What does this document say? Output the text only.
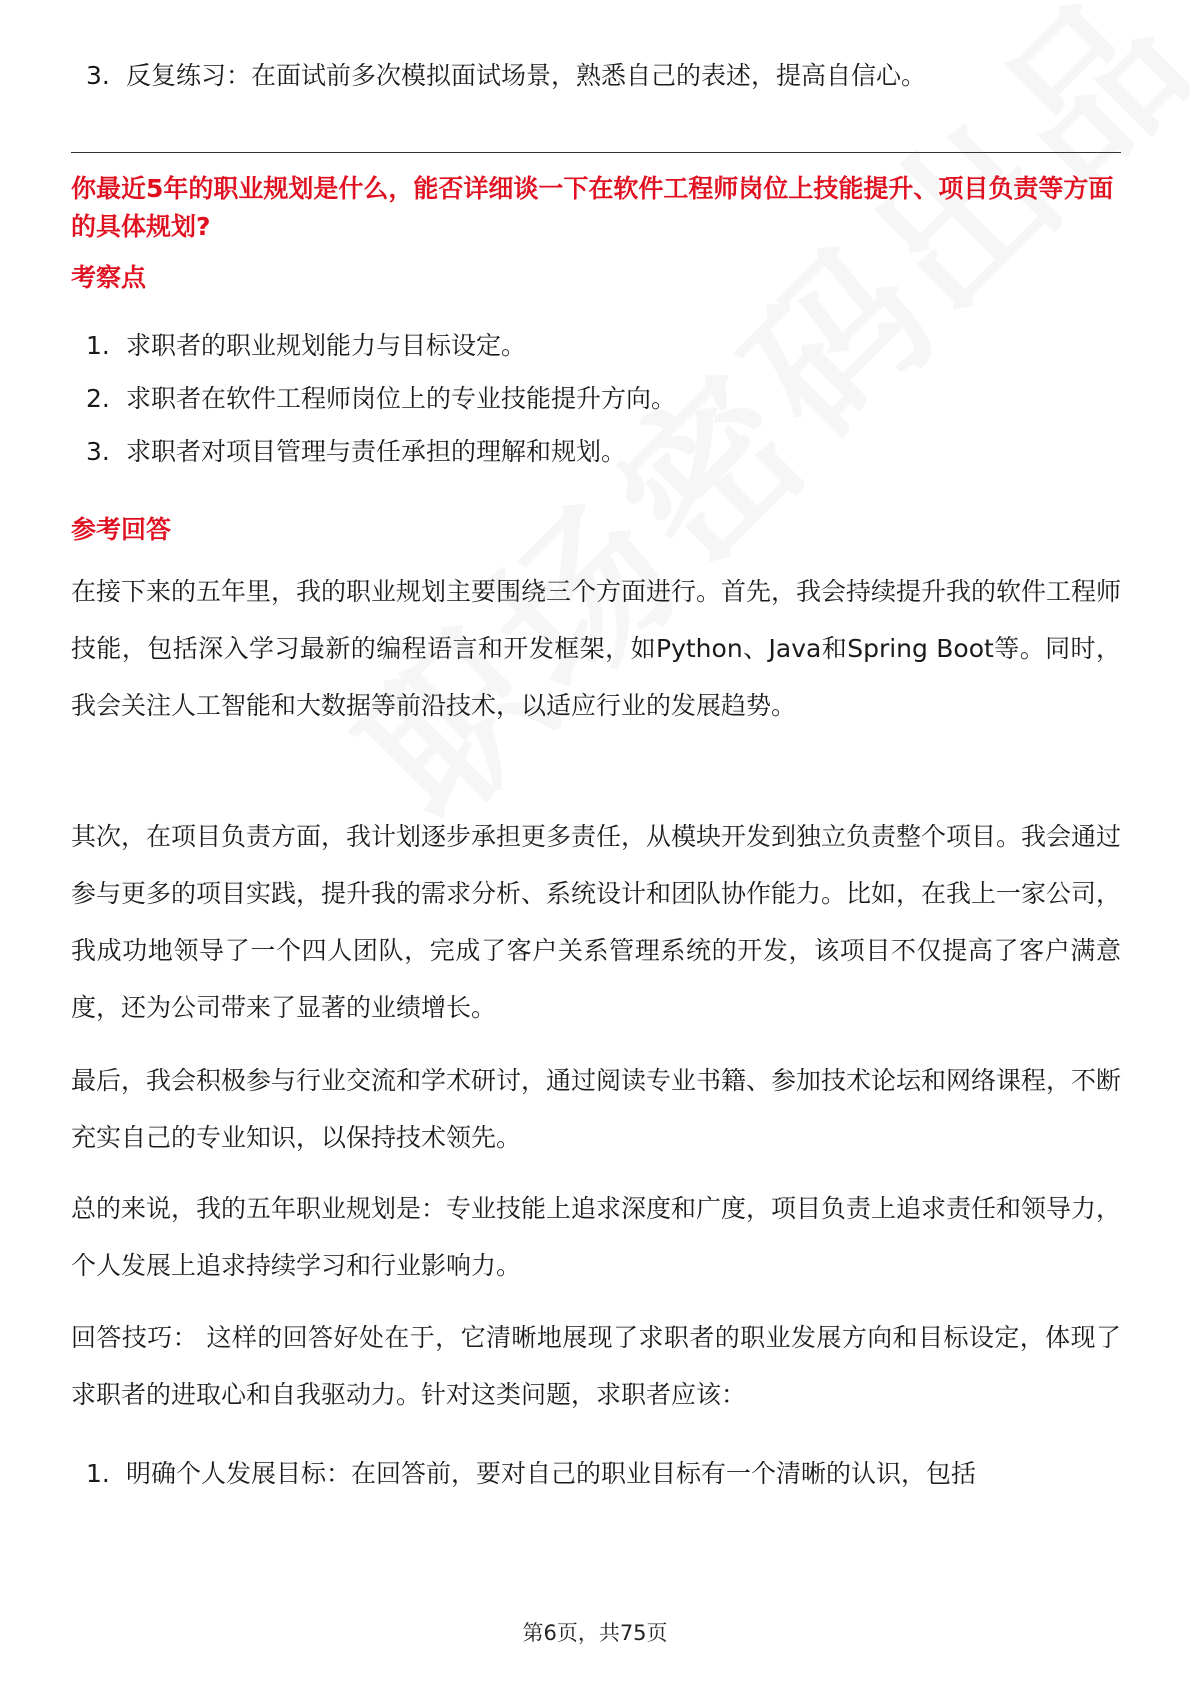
3. 反复练习：在面试前多次模拟面试场景，熟悉自己的表述，提高自信心。
你最近5年的职业规划是什么，能否详细谈一下在软件工程师岗位上技能提升、项目负责等方面的具体规划?
考察点
1. 求职者的职业规划能力与目标设定。
2. 求职者在软件工程师岗位上的专业技能提升方向。
3. 求职者对项目管理与责任承担的理解和规划。
参考回答
在接下来的五年里，我的职业规划主要围绕三个方面进行。首先，我会持续提升我的软件工程师技能，包括深入学习最新的编程语言和开发框架，如Python、Java和Spring Boot等。同时，我会关注人工智能和大数据等前沿技术，以适应行业的发展趋势。
其次，在项目负责方面，我计划逐步承担更多责任，从模块开发到独立负责整个项目。我会通过参与更多的项目实践，提升我的需求分析、系统设计和团队协作能力。比如，在我上一家公司，我成功地领导了一个四人团队，完成了客户关系管理系统的开发，该项目不仅提高了客户满意度，还为公司带来了显著的业绩增长。
最后，我会积极参与行业交流和学术研讨，通过阅读专业书籍、参加技术论坛和网络课程，不断充实自己的专业知识，以保持技术领先。
总的来说，我的五年职业规划是：专业技能上追求深度和广度，项目负责上追求责任和领导力，个人发展上追求持续学习和行业影响力。
回答技巧： 这样的回答好处在于，它清晰地展现了求职者的职业发展方向和目标设定，体现了求职者的进取心和自我驱动力。针对这类问题，求职者应该：
1. 明确个人发展目标：在回答前，要对自己的职业目标有一个清晰的认识，包括
第6页，共75页
